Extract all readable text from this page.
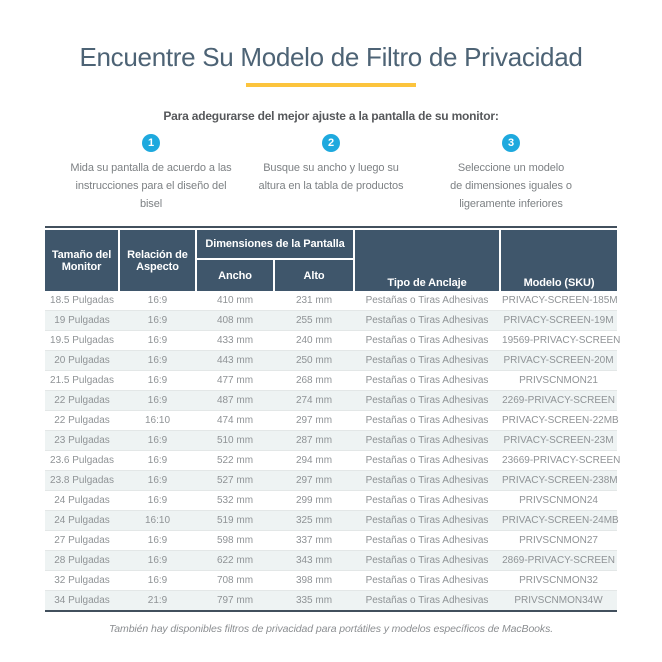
Encuentre Su Modelo de Filtro de Privacidad

Para adegurarse del mejor ajuste a la pantalla de su monitor:

1
Mida su pantalla de acuerdo a las
instrucciones para el diseño del
bisel
2
Busque su ancho y luego su
altura en la tabla de productos
3
Seleccione un modelo
de dimensiones iguales o
ligeramente inferiores
Tamaño del Monitor	Relación de Aspecto	Dimensiones de la Pantalla		Tipo de Anclaje	Modelo (SKU)
		Ancho	Alto		
18.5 Pulgadas	16:9	410 mm	231 mm	Pestañas o Tiras Adhesivas	PRIVACY-SCREEN-185M
19 Pulgadas	16:9	408 mm	255 mm	Pestañas o Tiras Adhesivas	PRIVACY-SCREEN-19M
19.5 Pulgadas	16:9	433 mm	240 mm	Pestañas o Tiras Adhesivas	19569-PRIVACY-SCREEN
20 Pulgadas	16:9	443 mm	250 mm	Pestañas o Tiras Adhesivas	PRIVACY-SCREEN-20M
21.5 Pulgadas	16:9	477 mm	268 mm	Pestañas o Tiras Adhesivas	PRIVSCNMON21
22 Pulgadas	16:9	487 mm	274 mm	Pestañas o Tiras Adhesivas	2269-PRIVACY-SCREEN
22 Pulgadas	16:10	474 mm	297 mm	Pestañas o Tiras Adhesivas	PRIVACY-SCREEN-22MB
23 Pulgadas	16:9	510 mm	287 mm	Pestañas o Tiras Adhesivas	PRIVACY-SCREEN-23M
23.6 Pulgadas	16:9	522 mm	294 mm	Pestañas o Tiras Adhesivas	23669-PRIVACY-SCREEN
23.8 Pulgadas	16:9	527 mm	297 mm	Pestañas o Tiras Adhesivas	PRIVACY-SCREEN-238M
24 Pulgadas	16:9	532 mm	299 mm	Pestañas o Tiras Adhesivas	PRIVSCNMON24
24 Pulgadas	16:10	519 mm	325 mm	Pestañas o Tiras Adhesivas	PRIVACY-SCREEN-24MB
27 Pulgadas	16:9	598 mm	337 mm	Pestañas o Tiras Adhesivas	PRIVSCNMON27
28 Pulgadas	16:9	622 mm	343 mm	Pestañas o Tiras Adhesivas	2869-PRIVACY-SCREEN
32 Pulgadas	16:9	708 mm	398 mm	Pestañas o Tiras Adhesivas	PRIVSCNMON32
34 Pulgadas	21:9	797 mm	335 mm	Pestañas o Tiras Adhesivas	PRIVSCNMON34W

También hay disponibles filtros de privacidad para portátiles y modelos específicos de MacBooks.
